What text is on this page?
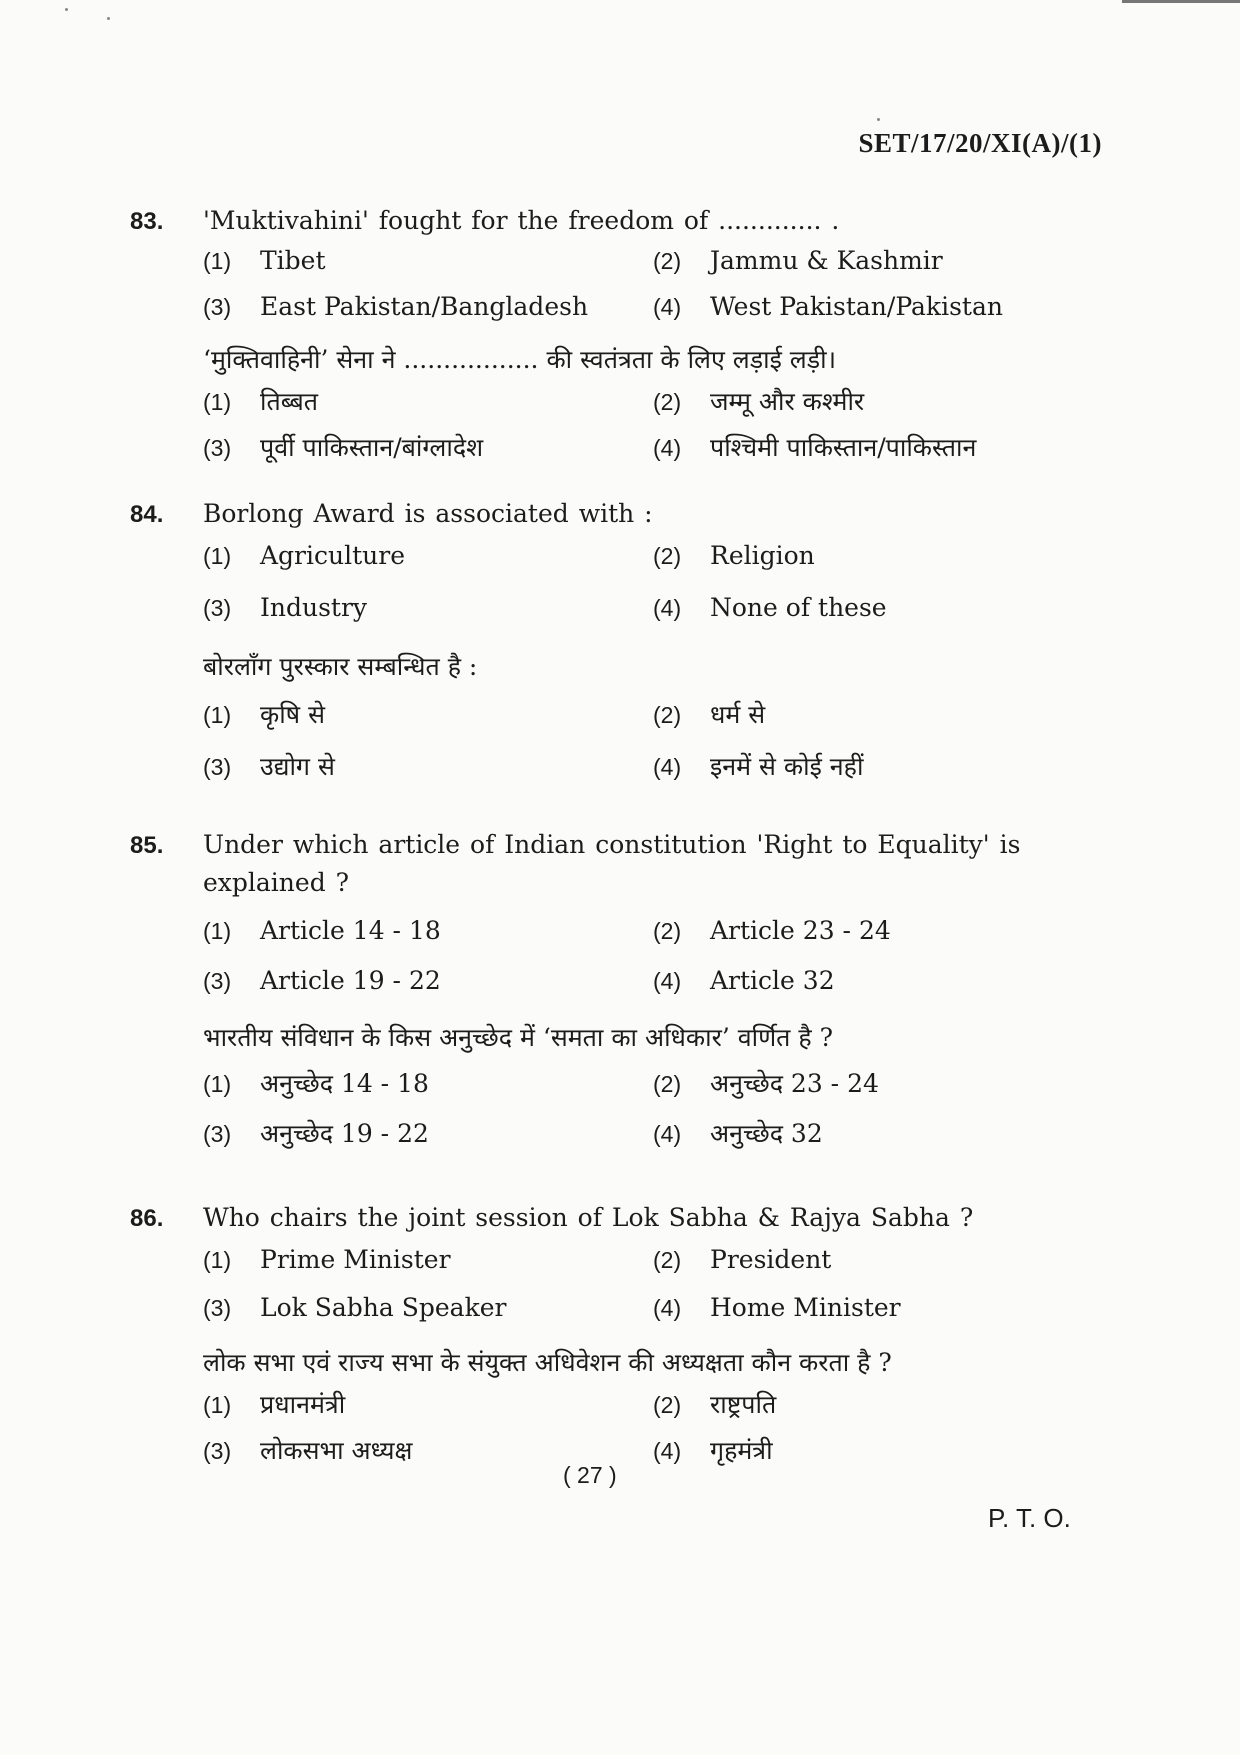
SET/17/20/XI(A)/(1)
83.	'Muktivahini' fought for the freedom of ............. .
(1)	Tibet	(2)	Jammu & Kashmir
(3)	East Pakistan/Bangladesh	(4)	West Pakistan/Pakistan
‘मुक्तिवाहिनी’ सेना ने ................. की स्वतंत्रता के लिए लड़ाई लड़ी।
(1)	तिब्बत	(2)	जम्मू और कश्मीर
(3)	पूर्वी पाकिस्तान/बांग्लादेश	(4)	पश्चिमी पाकिस्तान/पाकिस्तान
84.	Borlong Award is associated with :
(1)	Agriculture	(2)	Religion
(3)	Industry	(4)	None of these
बोरलॉंग पुरस्कार सम्बन्धित है :
(1)	कृषि से	(2)	धर्म से
(3)	उद्योग से	(4)	इनमें से कोई नहीं
85.	Under which article of Indian constitution 'Right to Equality' is explained ?
(1)	Article 14 - 18	(2)	Article 23 - 24
(3)	Article 19 - 22	(4)	Article 32
भारतीय संविधान के किस अनुच्छेद में ‘समता का अधिकार’ वर्णित है ?
(1)	अनुच्छेद 14 - 18	(2)	अनुच्छेद 23 - 24
(3)	अनुच्छेद 19 - 22	(4)	अनुच्छेद 32
86.	Who chairs the joint session of Lok Sabha & Rajya Sabha ?
(1)	Prime Minister	(2)	President
(3)	Lok Sabha Speaker	(4)	Home Minister
लोक सभा एवं राज्य सभा के संयुक्त अधिवेशन की अध्यक्षता कौन करता है ?
(1)	प्रधानमंत्री	(2)	राष्ट्रपति
(3)	लोकसभा अध्यक्ष	(4)	गृहमंत्री
( 27 )
P. T. O.
